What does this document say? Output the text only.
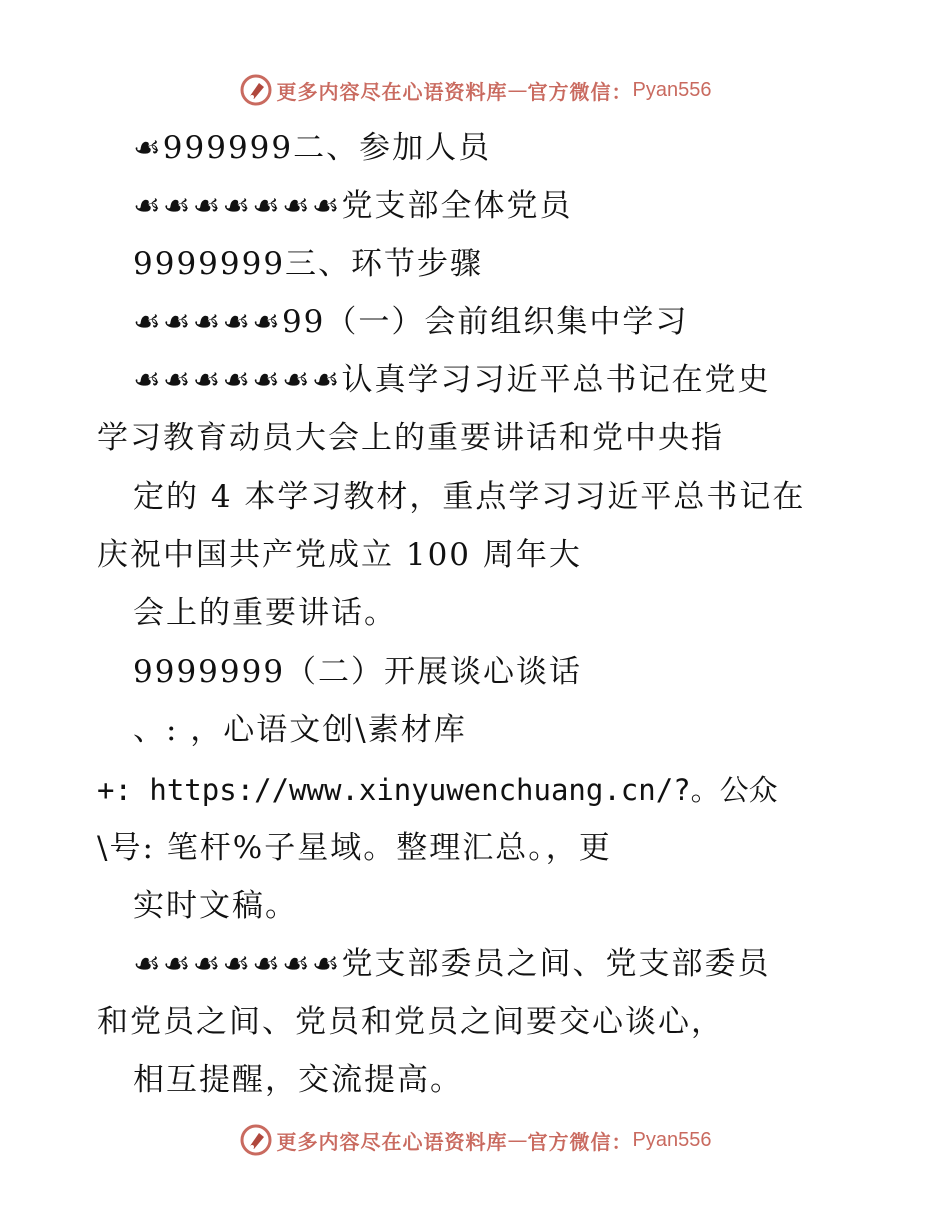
更多内容尽在心语资料库 — 官方微信： Pyan556
☙999999二、参加人员
☙☙☙☙☙☙☙党支部全体党员
9999999三、环节步骤
☙☙☙☙☙99（一）会前组织集中学习
☙☙☙☙☙☙☙认真学习习近平总书记在党史
学习教育动员大会上的重要讲话和党中央指
定的 4 本学习教材，重点学习习近平总书记在
庆祝中国共产党成立 100 周年大
会上的重要讲话。
9999999（二）开展谈心谈话
、: ，心语文创\素材库
+: https://www.xinyuwenchuang.cn/?。公众
\号: 笔杆%子星域。整理汇总。，更
实时文稿。
☙☙☙☙☙☙☙党支部委员之间、党支部委员
和党员之间、党员和党员之间要交心谈心，
相互提醒，交流提高。
更多内容尽在心语资料库 — 官方微信： Pyan556
